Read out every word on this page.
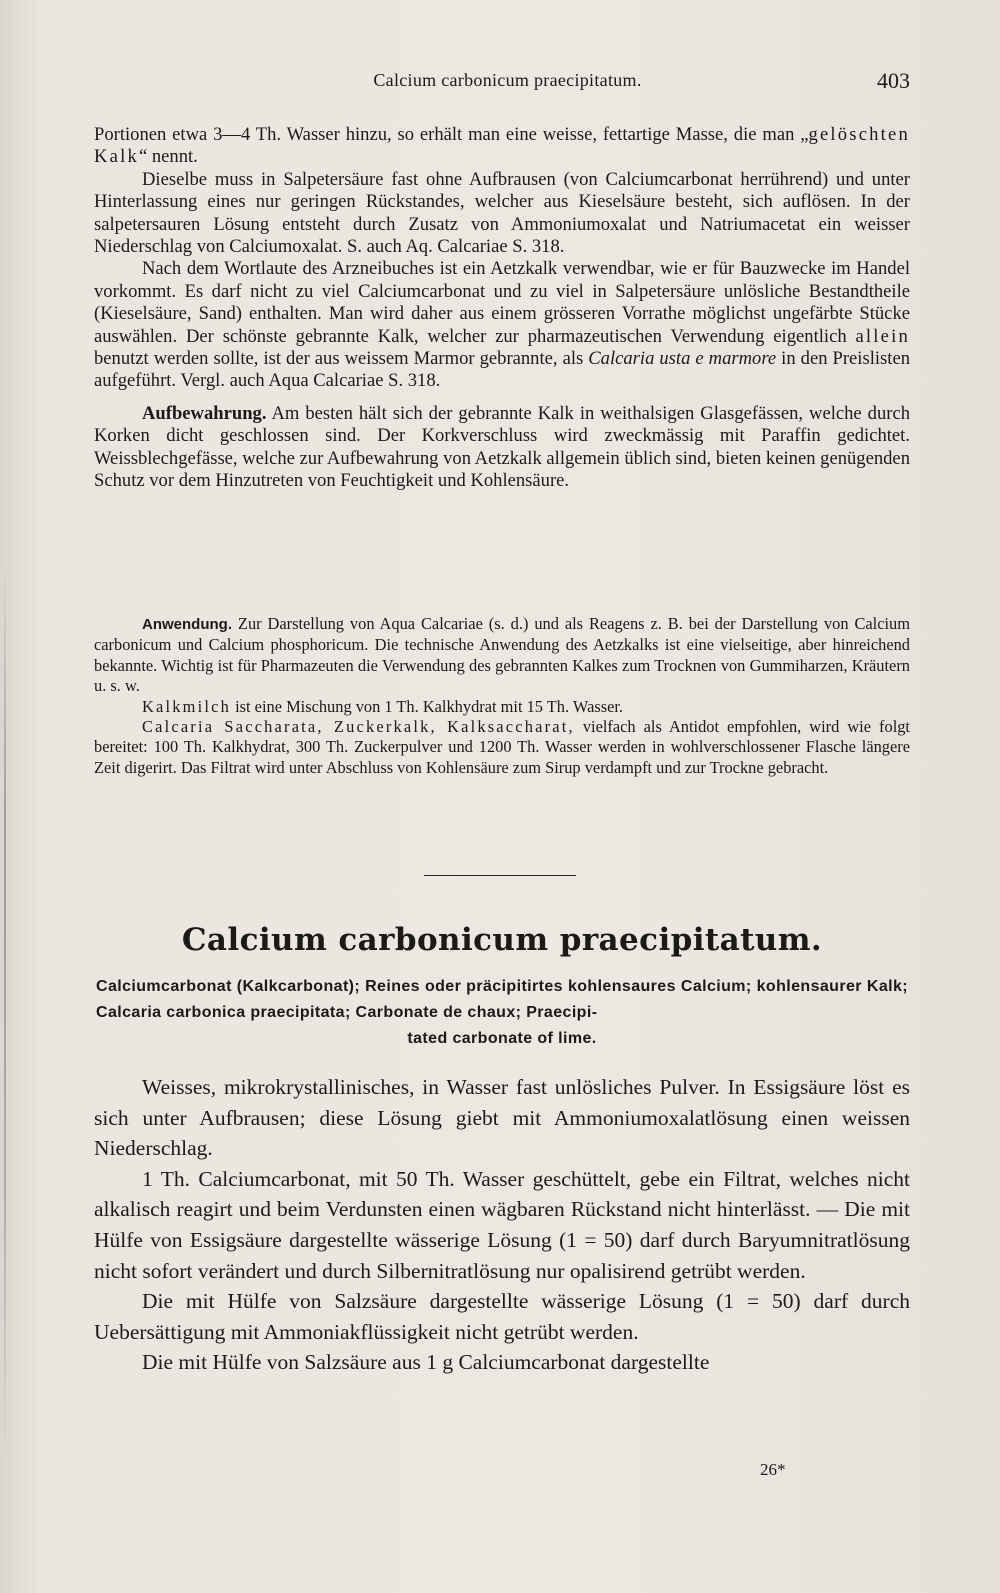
Calcium carbonicum praecipitatum.	403

Portionen etwa 3—4 Th. Wasser hinzu, so erhält man eine weisse, fettartige Masse, die man „gelöschten Kalk“ nennt.

Dieselbe muss in Salpetersäure fast ohne Aufbrausen (von Calciumcarbonat herrührend) und unter Hinterlassung eines nur geringen Rückstandes, welcher aus Kieselsäure besteht, sich auflösen. In der salpetersauren Lösung entsteht durch Zusatz von Ammoniumoxalat und Natriumacetat ein weisser Niederschlag von Calciumoxalat. S. auch Aq. Calcariae S. 318.

Nach dem Wortlaute des Arzneibuches ist ein Aetzkalk verwendbar, wie er für Bauzwecke im Handel vorkommt. Es darf nicht zu viel Calciumcarbonat und zu viel in Salpetersäure unlösliche Bestandtheile (Kieselsäure, Sand) enthalten. Man wird daher aus einem grösseren Vorrathe möglichst ungefärbte Stücke auswählen. Der schönste gebrannte Kalk, welcher zur pharmazeutischen Verwendung eigentlich allein benutzt werden sollte, ist der aus weissem Marmor gebrannte, als Calcaria usta e marmore in den Preislisten aufgeführt. Vergl. auch Aqua Calcariae S. 318.

Aufbewahrung. Am besten hält sich der gebrannte Kalk in weithalsigen Glasgefässen, welche durch Korken dicht geschlossen sind. Der Korkverschluss wird zweckmässig mit Paraffin gedichtet. Weissblechgefässe, welche zur Aufbewahrung von Aetzkalk allgemein üblich sind, bieten keinen genügenden Schutz vor dem Hinzutreten von Feuchtigkeit und Kohlensäure.

Anwendung. Zur Darstellung von Aqua Calcariae (s. d.) und als Reagens z. B. bei der Darstellung von Calcium carbonicum und Calcium phosphoricum. Die technische Anwendung des Aetzkalks ist eine vielseitige, aber hinreichend bekannte. Wichtig ist für Pharmazeuten die Verwendung des gebrannten Kalkes zum Trocknen von Gummiharzen, Kräutern u. s. w.

Kalkmilch ist eine Mischung von 1 Th. Kalkhydrat mit 15 Th. Wasser.

Calcaria Saccharata, Zuckerkalk, Kalksaccharat, vielfach als Antidot empfohlen, wird wie folgt bereitet: 100 Th. Kalkhydrat, 300 Th. Zuckerpulver und 1200 Th. Wasser werden in wohlverschlossener Flasche längere Zeit digerirt. Das Filtrat wird unter Abschluss von Kohlensäure zum Sirup verdampft und zur Trockne gebracht.

Calcium carbonicum praecipitatum.

Calciumcarbonat (Kalkcarbonat); Reines oder präcipitirtes kohlensaures Calcium; kohlensaurer Kalk; Calcaria carbonica praecipitata; Carbonate de chaux; Praecipi-
tated carbonate of lime.

Weisses, mikrokrystallinisches, in Wasser fast unlösliches Pulver. In Essigsäure löst es sich unter Aufbrausen; diese Lösung giebt mit Ammoniumoxalatlösung einen weissen Niederschlag.

1 Th. Calciumcarbonat, mit 50 Th. Wasser geschüttelt, gebe ein Filtrat, welches nicht alkalisch reagirt und beim Verdunsten einen wägbaren Rückstand nicht hinterlässt. — Die mit Hülfe von Essigsäure dargestellte wässerige Lösung (1 = 50) darf durch Baryumnitratlösung nicht sofort verändert und durch Silbernitratlösung nur opalisirend getrübt werden.

Die mit Hülfe von Salzsäure dargestellte wässerige Lösung (1 = 50) darf durch Uebersättigung mit Ammoniakflüssigkeit nicht getrübt werden.

Die mit Hülfe von Salzsäure aus 1 g Calciumcarbonat dargestellte

26*
